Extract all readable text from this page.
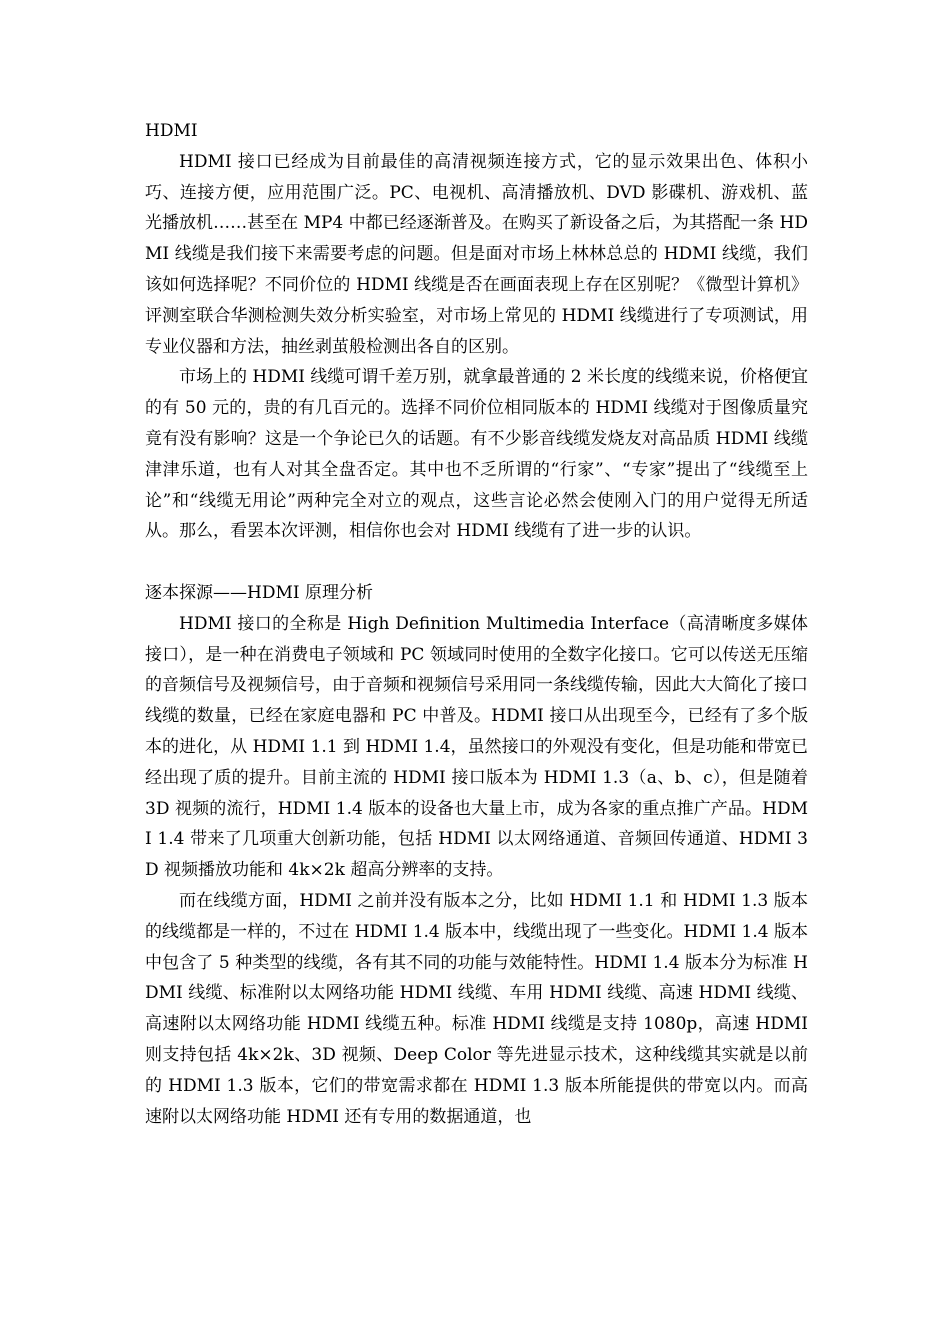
HDMI

HDMI 接口已经成为目前最佳的高清视频连接方式，它的显示效果出色、体积小巧、连接方便，应用范围广泛。PC、电视机、高清播放机、DVD 影碟机、游戏机、蓝光播放机……甚至在 MP4 中都已经逐渐普及。在购买了新设备之后，为其搭配一条 HDMI 线缆是我们接下来需要考虑的问题。但是面对市场上林林总总的 HDMI 线缆，我们该如何选择呢？不同价位的 HDMI 线缆是否在画面表现上存在区别呢？《微型计算机》评测室联合华测检测失效分析实验室，对市场上常见的 HDMI 线缆进行了专项测试，用专业仪器和方法，抽丝剥茧般检测出各自的区别。

市场上的 HDMI 线缆可谓千差万别，就拿最普通的 2 米长度的线缆来说，价格便宜的有 50 元的，贵的有几百元的。选择不同价位相同版本的 HDMI 线缆对于图像质量究竟有没有影响？这是一个争论已久的话题。有不少影音线缆发烧友对高品质 HDMI 线缆津津乐道，也有人对其全盘否定。其中也不乏所谓的“行家”、“专家”提出了“线缆至上论”和“线缆无用论”两种完全对立的观点，这些言论必然会使刚入门的用户觉得无所适从。那么，看罢本次评测，相信你也会对 HDMI 线缆有了进一步的认识。

逐本探源——HDMI 原理分析

HDMI 接口的全称是 High Definition Multimedia Interface（高清晰度多媒体接口），是一种在消费电子领域和 PC 领域同时使用的全数字化接口。它可以传送无压缩的音频信号及视频信号，由于音频和视频信号采用同一条线缆传输，因此大大简化了接口线缆的数量，已经在家庭电器和 PC 中普及。HDMI 接口从出现至今，已经有了多个版本的进化，从 HDMI 1.1 到 HDMI 1.4，虽然接口的外观没有变化，但是功能和带宽已经出现了质的提升。目前主流的 HDMI 接口版本为 HDMI 1.3（a、b、c），但是随着 3D 视频的流行，HDMI 1.4 版本的设备也大量上市，成为各家的重点推广产品。HDMI 1.4 带来了几项重大创新功能，包括 HDMI 以太网络通道、音频回传通道、HDMI 3D 视频播放功能和 4k×2k 超高分辨率的支持。

而在线缆方面，HDMI 之前并没有版本之分，比如 HDMI 1.1 和 HDMI 1.3 版本的线缆都是一样的，不过在 HDMI 1.4 版本中，线缆出现了一些变化。HDMI 1.4 版本中包含了 5 种类型的线缆，各有其不同的功能与效能特性。HDMI 1.4 版本分为标准 HDMI 线缆、标准附以太网络功能 HDMI 线缆、车用 HDMI 线缆、高速 HDMI 线缆、高速附以太网络功能 HDMI 线缆五种。标准 HDMI 线缆是支持 1080p，高速 HDMI 则支持包括 4k×2k、3D 视频、Deep Color 等先进显示技术，这种线缆其实就是以前的 HDMI 1.3 版本，它们的带宽需求都在 HDMI 1.3 版本所能提供的带宽以内。而高速附以太网络功能 HDMI 还有专用的数据通道，也
